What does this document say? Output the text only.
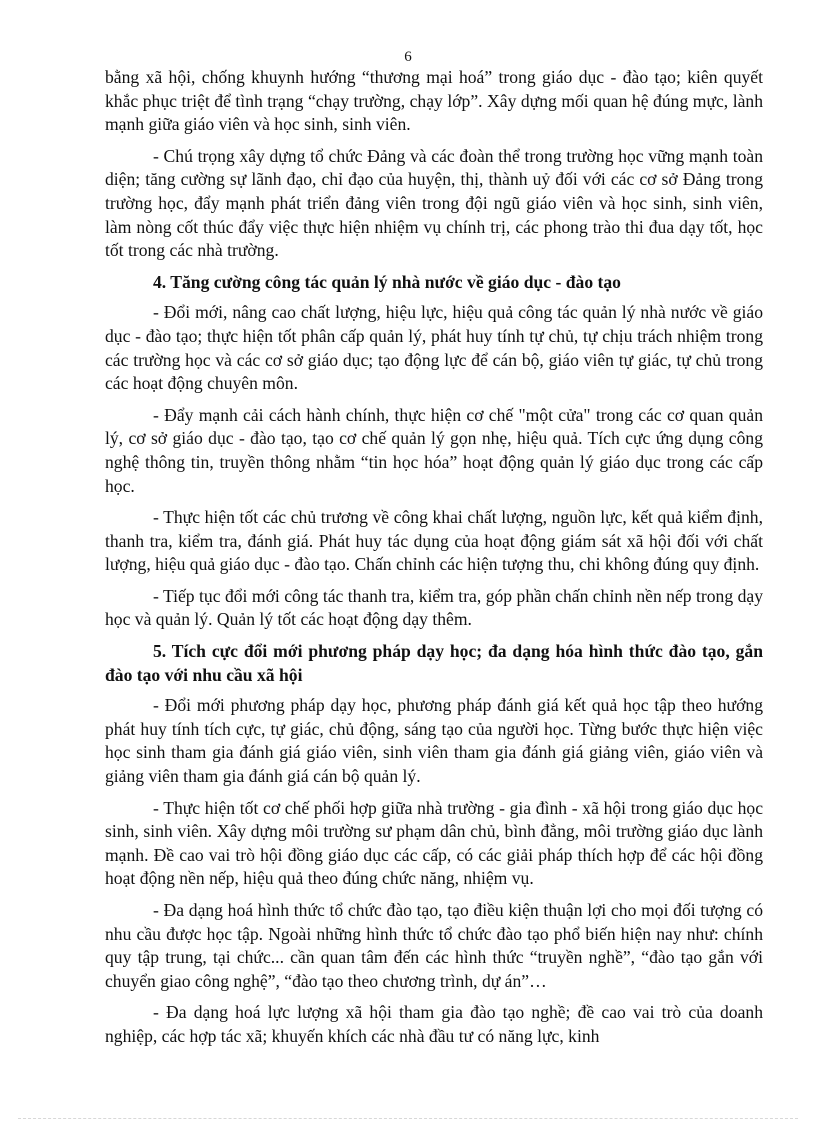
6

bằng xã hội, chống khuynh hướng “thương mại hoá” trong giáo dục - đào tạo; kiên quyết khắc phục triệt để tình trạng “chạy trường, chạy lớp”. Xây dựng mối quan hệ đúng mực, lành mạnh giữa giáo viên và học sinh, sinh viên.

- Chú trọng xây dựng tổ chức Đảng và các đoàn thể trong trường học vững mạnh toàn diện; tăng cường sự lãnh đạo, chỉ đạo của huyện, thị, thành uỷ đối với các cơ sở Đảng trong trường học, đẩy mạnh phát triển đảng viên trong đội ngũ giáo viên và học sinh, sinh viên, làm nòng cốt thúc đẩy việc thực hiện nhiệm vụ chính trị, các phong trào thi đua dạy tốt, học tốt trong các nhà trường.

4. Tăng cường công tác quản lý nhà nước về giáo dục - đào tạo

- Đổi mới, nâng cao chất lượng, hiệu lực, hiệu quả công tác quản lý nhà nước về giáo dục - đào tạo; thực hiện tốt phân cấp quản lý, phát huy tính tự chủ, tự chịu trách nhiệm trong các trường học và các cơ sở giáo dục; tạo động lực để cán bộ, giáo viên tự giác, tự chủ trong các hoạt động chuyên môn.

- Đẩy mạnh cải cách hành chính, thực hiện cơ chế "một cửa" trong các cơ quan quản lý, cơ sở giáo dục - đào tạo, tạo cơ chế quản lý gọn nhẹ, hiệu quả. Tích cực ứng dụng công nghệ thông tin, truyền thông nhằm “tin học hóa” hoạt động quản lý giáo dục trong các cấp học.

- Thực hiện tốt các chủ trương về công khai chất lượng, nguồn lực, kết quả kiểm định, thanh tra, kiểm tra, đánh giá. Phát huy tác dụng của hoạt động giám sát xã hội đối với chất lượng, hiệu quả giáo dục - đào tạo. Chấn chỉnh các hiện tượng thu, chi không đúng quy định.

- Tiếp tục đổi mới công tác thanh tra, kiểm tra, góp phần chấn chỉnh nền nếp trong dạy học và quản lý. Quản lý tốt các hoạt động dạy thêm.

5. Tích cực đổi mới phương pháp dạy học; đa dạng hóa hình thức đào tạo, gắn đào tạo với nhu cầu xã hội

- Đổi mới phương pháp dạy học, phương pháp đánh giá kết quả học tập theo hướng phát huy tính tích cực, tự giác, chủ động, sáng tạo của người học. Từng bước thực hiện việc học sinh tham gia đánh giá giáo viên, sinh viên tham gia đánh giá giảng viên, giáo viên và giảng viên tham gia đánh giá cán bộ quản lý.

- Thực hiện tốt cơ chế phối hợp giữa nhà trường - gia đình - xã hội trong giáo dục học sinh, sinh viên. Xây dựng môi trường sư phạm dân chủ, bình đẳng, môi trường giáo dục lành mạnh. Đề cao vai trò hội đồng giáo dục các cấp, có các giải pháp thích hợp để các hội đồng hoạt động nền nếp, hiệu quả theo đúng chức năng, nhiệm vụ.

- Đa dạng hoá hình thức tổ chức đào tạo, tạo điều kiện thuận lợi cho mọi đối tượng có nhu cầu được học tập. Ngoài những hình thức tổ chức đào tạo phổ biến hiện nay như: chính quy tập trung, tại chức... cần quan tâm đến các hình thức “truyền nghề”, “đào tạo gắn với chuyển giao công nghệ”, “đào tạo theo chương trình, dự án”…

- Đa dạng hoá lực lượng xã hội tham gia đào tạo nghề; đề cao vai trò của doanh nghiệp, các hợp tác xã; khuyến khích các nhà đầu tư có năng lực, kinh
